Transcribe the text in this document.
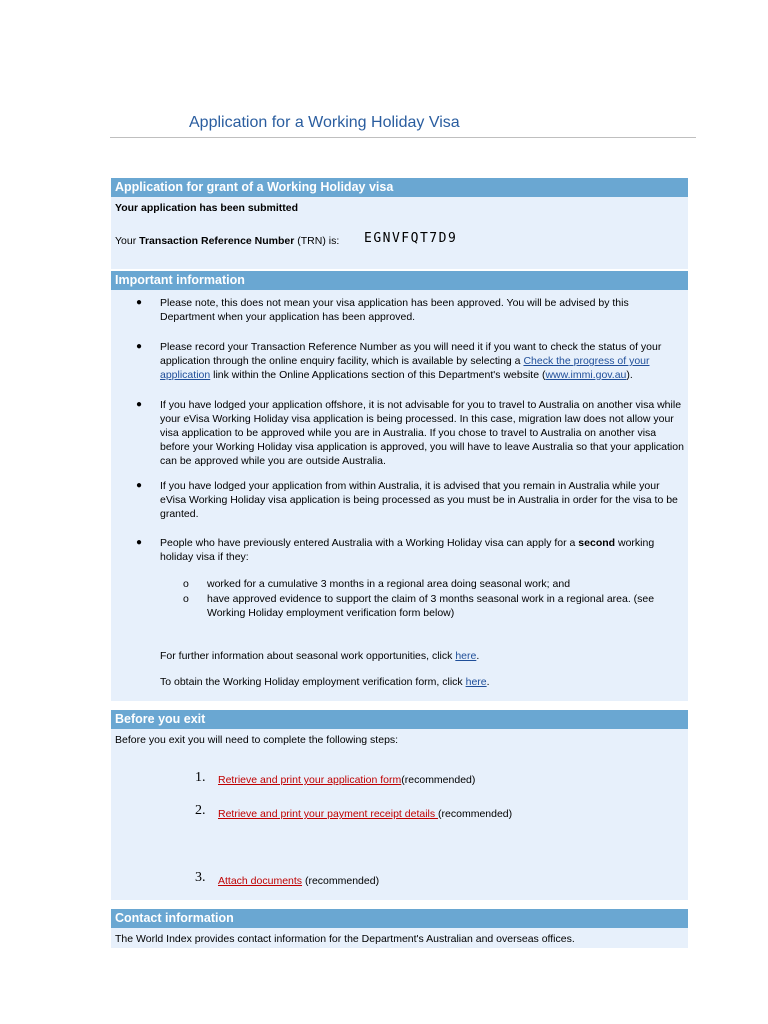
Application for a Working Holiday Visa
Application for grant of a Working Holiday visa
Your application has been submitted
Your Transaction Reference Number (TRN) is: EGNVFQT7D9
Important information
● Please note, this does not mean your visa application has been approved. You will be advised by this Department when your application has been approved.
● Please record your Transaction Reference Number as you will need it if you want to check the status of your application through the online enquiry facility, which is available by selecting a Check the progress of your application link within the Online Applications section of this Department's website (www.immi.gov.au).
● If you have lodged your application offshore, it is not advisable for you to travel to Australia on another visa while your eVisa Working Holiday visa application is being processed. In this case, migration law does not allow your visa application to be approved while you are in Australia. If you chose to travel to Australia on another visa before your Working Holiday visa application is approved, you will have to leave Australia so that your application can be approved while you are outside Australia.
● If you have lodged your application from within Australia, it is advised that you remain in Australia while your eVisa Working Holiday visa application is being processed as you must be in Australia in order for the visa to be granted.
● People who have previously entered Australia with a Working Holiday visa can apply for a second working holiday visa if they:
o worked for a cumulative 3 months in a regional area doing seasonal work; and
o have approved evidence to support the claim of 3 months seasonal work in a regional area. (see Working Holiday employment verification form below)
For further information about seasonal work opportunities, click here.
To obtain the Working Holiday employment verification form, click here.
Before you exit
Before you exit you will need to complete the following steps:
1. Retrieve and print your application form(recommended)
2. Retrieve and print your payment receipt details (recommended)
3. Attach documents (recommended)
Contact information
The World Index provides contact information for the Department's Australian and overseas offices.
